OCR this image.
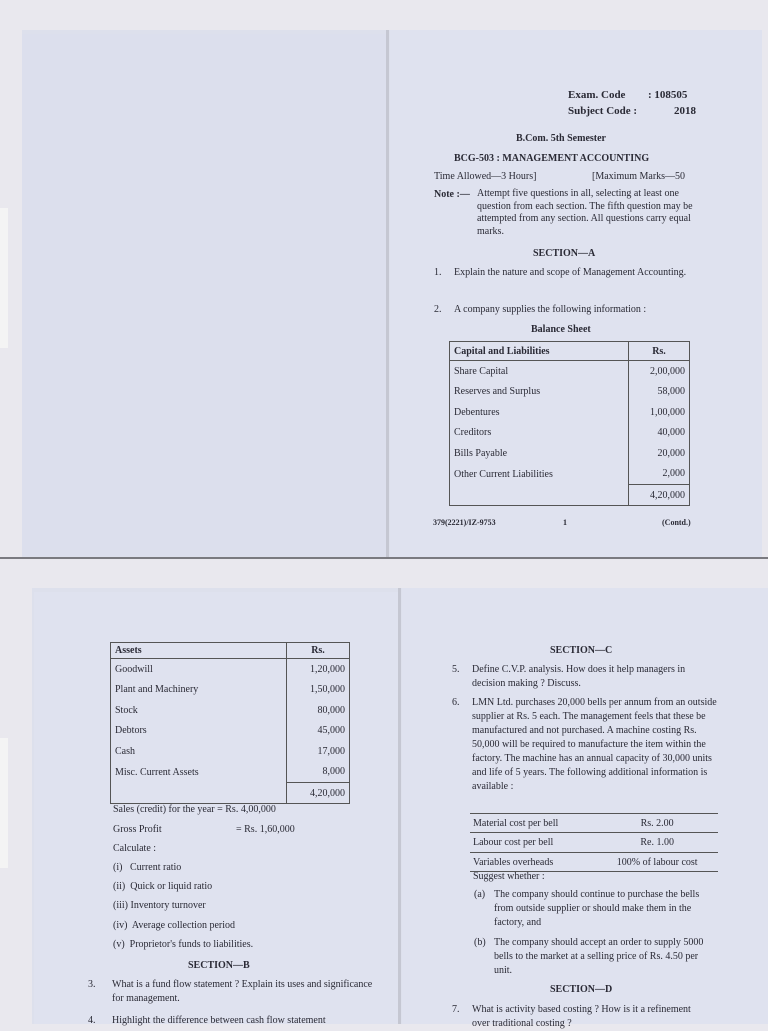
Exam. Code : 108505
Subject Code :	2018
B.Com. 5th Semester
BCG-503 : MANAGEMENT ACCOUNTING
Time Allowed—3 Hours]	[Maximum Marks—50
Note :— Attempt five questions in all, selecting at least one question from each section. The fifth question may be attempted from any section. All questions carry equal marks.
SECTION—A
1. Explain the nature and scope of Management Accounting.
2. A company supplies the following information :
Balance Sheet
Capital and Liabilities	Rs.
Share Capital	2,00,000
Reserves and Surplus	58,000
Debentures	1,00,000
Creditors	40,000
Bills Payable	20,000
Other Current Liabilities	2,000
	4,20,000
379(2221)/IZ-9753	1	(Contd.)
Assets	Rs.
Goodwill	1,20,000
Plant and Machinery	1,50,000
Stock	80,000
Debtors	45,000
Cash	17,000
Misc. Current Assets	8,000
	4,20,000
Sales (credit) for the year = Rs. 4,00,000
Gross Profit	= Rs. 1,60,000
Calculate :
(i)   Current ratio
(ii)  Quick or liquid ratio
(iii) Inventory turnover
(iv)  Average collection period
(v)  Proprietor's funds to liabilities.
SECTION—B
3. What is a fund flow statement ? Explain its uses and significance for management.
4. Highlight the difference between cash flow statement
SECTION—C
5. Define C.V.P. analysis. How does it help managers in decision making ? Discuss.
6. LMN Ltd. purchases 20,000 bells per annum from an outside supplier at Rs. 5 each. The management feels that these be manufactured and not purchased. A machine costing Rs. 50,000 will be required to manufacture the item within the factory. The machine has an annual capacity of 30,000 units and life of 5 years. The following additional information is available :
Material cost per bell	Rs. 2.00
Labour cost per bell	Re. 1.00
Variables overheads	100% of labour cost
Suggest whether :
(a) The company should continue to purchase the bells from outside supplier or should make them in the factory, and
(b) The company should accept an order to supply 5000 bells to the market at a selling price of Rs. 4.50 per unit.
SECTION—D
7. What is activity based costing ? How is it a refinement
over traditional costing ?
